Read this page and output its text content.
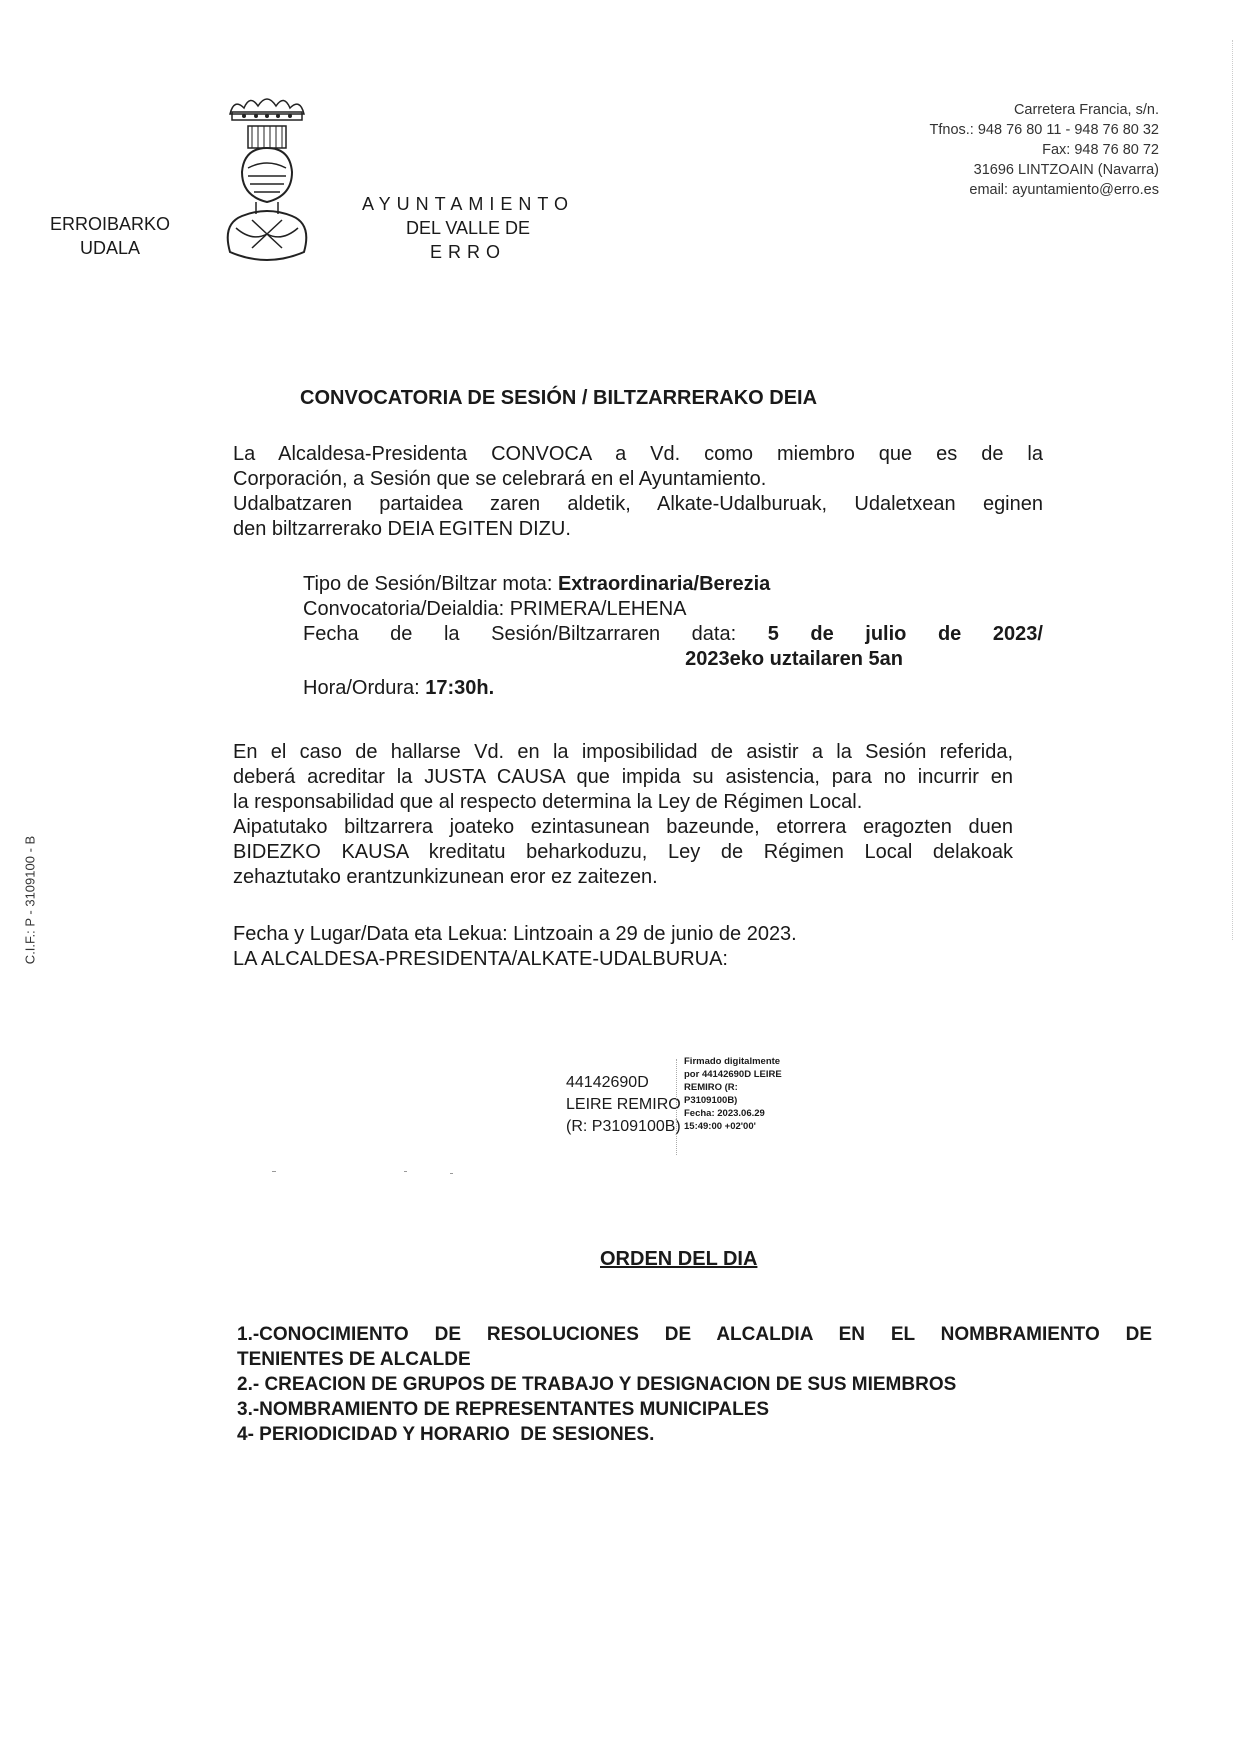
ERROIBARKO
UDALA
AYUNTAMIENTO
DEL VALLE DE
ERRO
Carretera Francia, s/n.
Tfnos.: 948 76 80 11 - 948 76 80 32
Fax: 948 76 80 72
31696 LINTZOAIN (Navarra)
email: ayuntamiento@erro.es
C.I.F.: P - 3109100 - B
CONVOCATORIA DE SESIÓN / BILTZARRERAKO DEIA
La Alcaldesa-Presidenta CONVOCA a Vd. como miembro que es de la
Corporación, a Sesión que se celebrará en el Ayuntamiento.
Udalbatzaren partaidea zaren aldetik, Alkate-Udalburuak, Udaletxean eginen
den biltzarrerako DEIA EGITEN DIZU.
Tipo de Sesión/Biltzar mota: Extraordinaria/Berezia
Convocatoria/Deialdia: PRIMERA/LEHENA
Fecha de la Sesión/Biltzarraren data: 5 de julio de 2023/
2023eko uztailaren 5an
Hora/Ordura: 17:30h.
En el caso de hallarse Vd. en la imposibilidad de asistir a la Sesión referida,
deberá acreditar la JUSTA CAUSA que impida su asistencia, para no incurrir en
la responsabilidad que al respecto determina la Ley de Régimen Local.
Aipatutako biltzarrera joateko ezintasunean bazeunde, etorrera eragozten duen
BIDEZKO KAUSA kreditatu beharkoduzu, Ley de Régimen Local delakoak
zehaztutako erantzunkizunean eror ez zaitezen.
Fecha y Lugar/Data eta Lekua: Lintzoain a 29 de junio de 2023.
LA ALCALDESA-PRESIDENTA/ALKATE-UDALBURUA:
44142690D
LEIRE REMIRO
(R: P3109100B)
Firmado digitalmente
por 44142690D LEIRE
REMIRO (R:
P3109100B)
Fecha: 2023.06.29
15:49:00 +02'00'
ORDEN DEL DIA
1.-CONOCIMIENTO DE RESOLUCIONES DE ALCALDIA EN EL NOMBRAMIENTO DE
TENIENTES DE ALCALDE
2.- CREACION DE GRUPOS DE TRABAJO Y DESIGNACION DE SUS MIEMBROS
3.-NOMBRAMIENTO DE REPRESENTANTES MUNICIPALES
4- PERIODICIDAD Y HORARIO  DE SESIONES.
